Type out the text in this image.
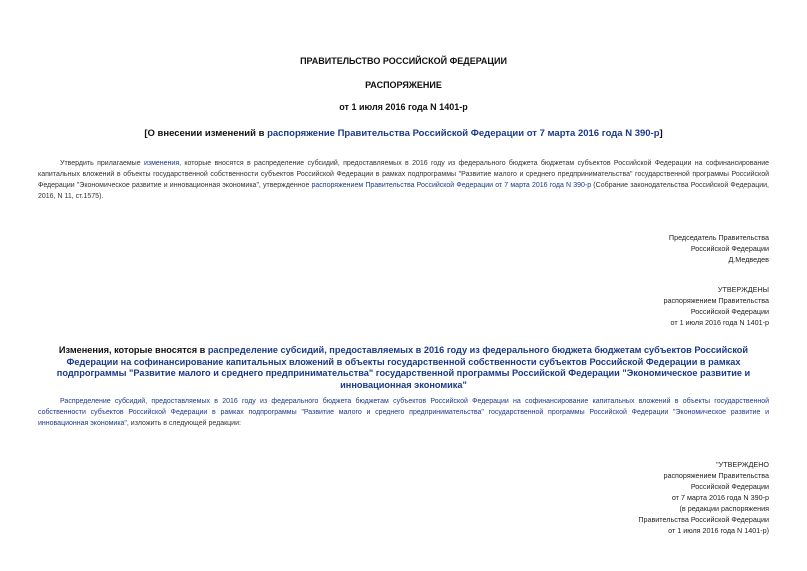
ПРАВИТЕЛЬСТВО РОССИЙСКОЙ ФЕДЕРАЦИИ
РАСПОРЯЖЕНИЕ
от 1 июля 2016 года N 1401-р
[О внесении изменений в распоряжение Правительства Российской Федерации от 7 марта 2016 года N 390-р]
Утвердить прилагаемые изменения, которые вносятся в распределение субсидий, предоставляемых в 2016 году из федерального бюджета бюджетам субъектов Российской Федерации на софинансирование капитальных вложений в объекты государственной собственности субъектов Российской Федерации в рамках подпрограммы "Развитие малого и среднего предпринимательства" государственной программы Российской Федерации "Экономическое развитие и инновационная экономика", утвержденное распоряжением Правительства Российской Федерации от 7 марта 2016 года N 390-р (Собрание законодательства Российской Федерации, 2016, N 11, ст.1575).
Председатель Правительства
Российской Федерации
Д.Медведев
УТВЕРЖДЕНЫ
распоряжением Правительства
Российской Федерации
от 1 июля 2016 года N 1401-р
Изменения, которые вносятся в распределение субсидий, предоставляемых в 2016 году из федерального бюджета бюджетам субъектов Российской Федерации на софинансирование капитальных вложений в объекты государственной собственности субъектов Российской Федерации в рамках подпрограммы "Развитие малого и среднего предпринимательства" государственной программы Российской Федерации "Экономическое развитие и инновационная экономика"
Распределение субсидий, предоставляемых в 2016 году из федерального бюджета бюджетам субъектов Российской Федерации на софинансирование капитальных вложений в объекты государственной собственности субъектов Российской Федерации в рамках подпрограммы "Развитие малого и среднего предпринимательства" государственной программы Российской Федерации "Экономическое развитие и инновационная экономика", изложить в следующей редакции:
"УТВЕРЖДЕНО
распоряжением Правительства
Российской Федерации
от 7 марта 2016 года N 390-р
(в редакции распоряжения
Правительства Российской Федерации
от 1 июля 2016 года N 1401-р)
